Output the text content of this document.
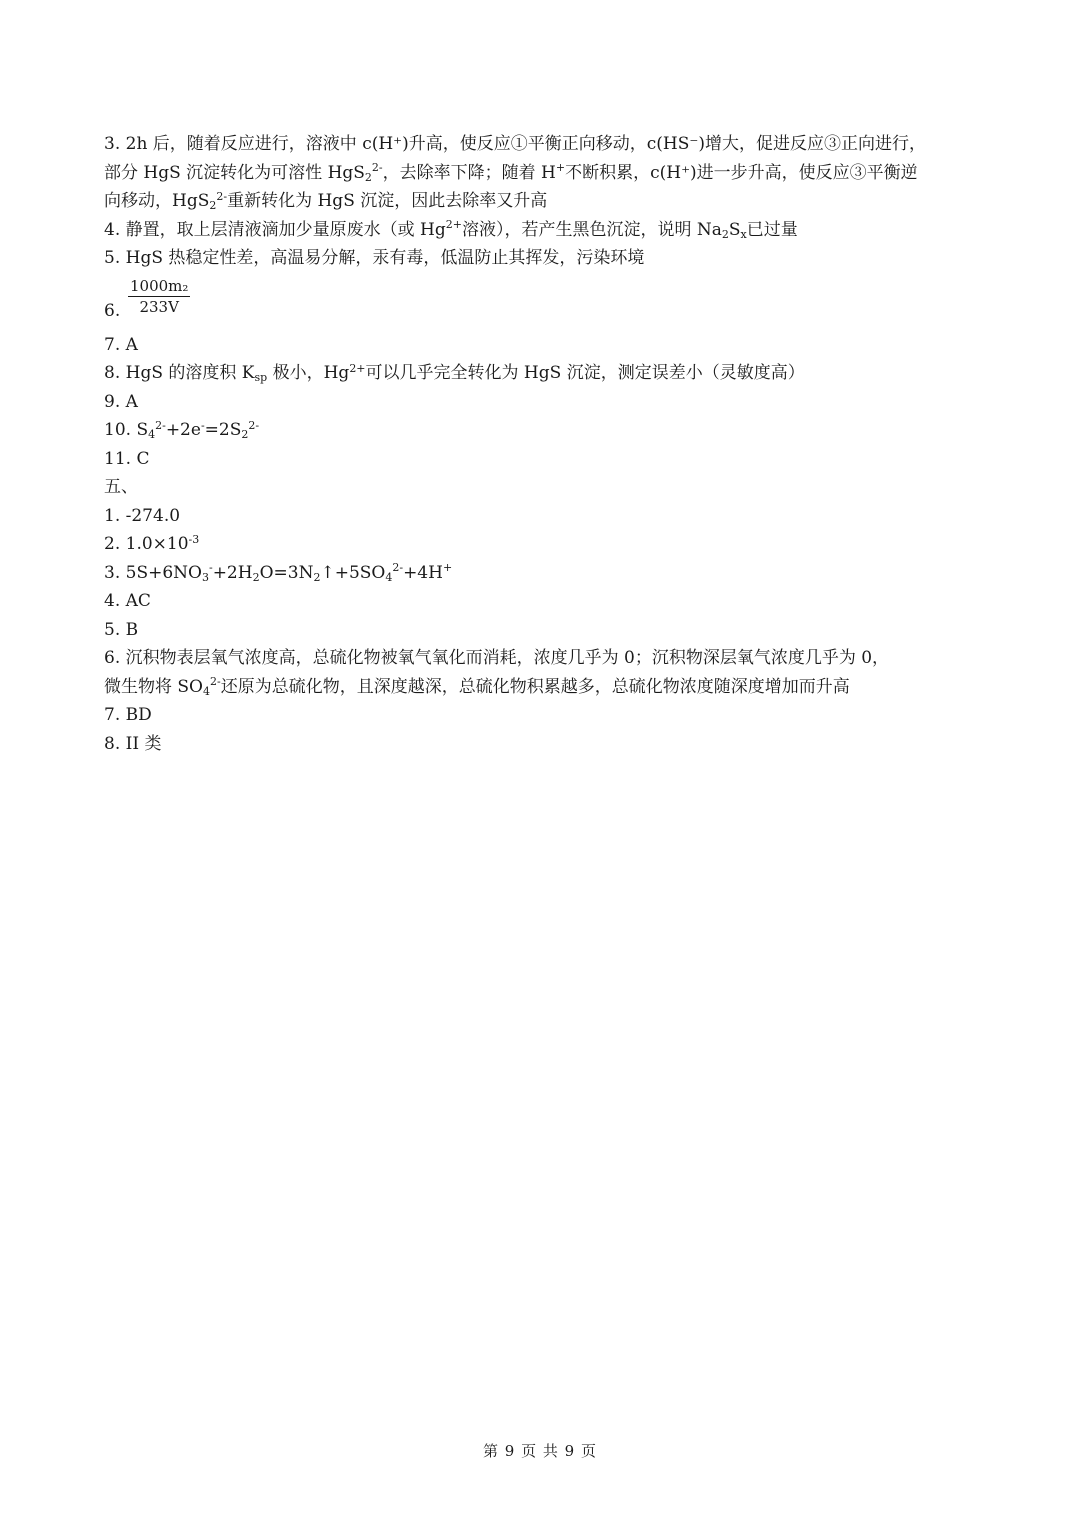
3. 2h 后，随着反应进行，溶液中 c(H⁺)升高，使反应①平衡正向移动，c(HS⁻)增大，促进反应③正向进行，

部分 HgS 沉淀转化为可溶性 HgS$_2^{2-}$，去除率下降；随着 H+不断积累，c(H⁺)进一步升高，使反应③平衡逆

向移动，HgS$_2^{2-}$重新转化为 HgS 沉淀，因此去除率又升高

4. 静置，取上层清液滴加少量原废水（或 $Hg^{2+}$溶液），若产生黑色沉淀，说明 $Na_2S_x$已过量

5. HgS 热稳定性差，高温易分解，汞有毒，低温防止其挥发，污染环境

6. $\frac{\text{1000m₂}}{233V}$

7. A

8. HgS 的溶度积 $K_{sp}$ 极小，$Hg^{2+}$可以几乎完全转化为 HgS 沉淀，测定误差小（灵敏度高）

9. A

10. $S_4^{2-}+2e^-=2S_2^{2-}$

11. C

五、

1. -274.0

2. $1.0\times 10^{-3}$

3. $5S+6NO_3^-+2H_2O=3N_2↑+5SO_4^{2-}+4H^+$

4. AC

5. B

6. 沉积物表层氧气浓度高，总硫化物被氧气氧化而消耗，浓度几乎为 0；沉积物深层氧气浓度几乎为 0，

微生物将 $SO_4^{2-}$还原为总硫化物，且深度越深，总硫化物积累越多，总硫化物浓度随深度增加而升高

7. BD

8. II 类

第 9 页 共 9 页
